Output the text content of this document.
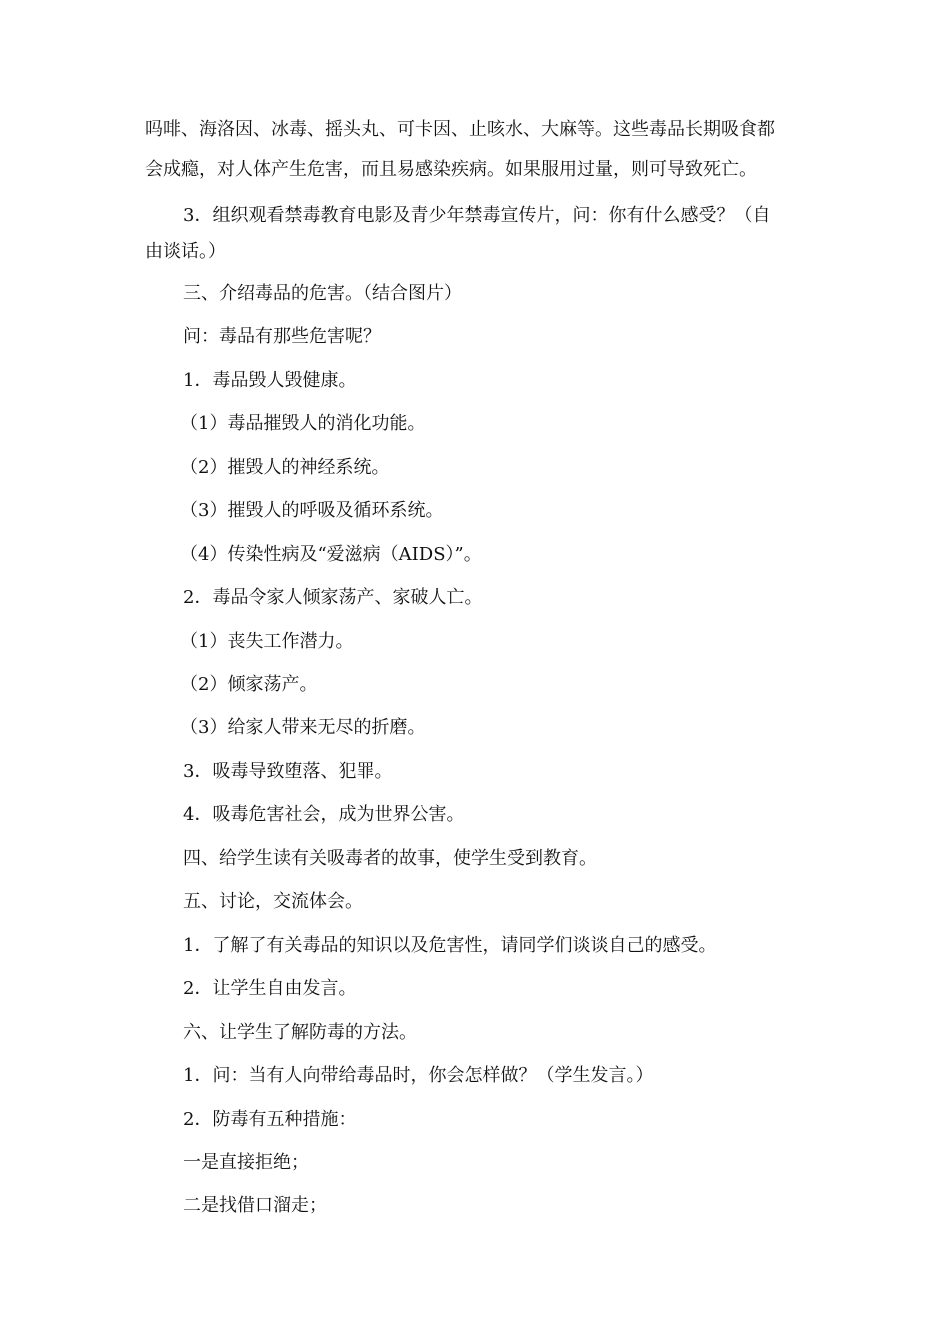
吗啡、海洛因、冰毒、摇头丸、可卡因、止咳水、大麻等。这些毒品长期吸食都
会成瘾，对人体产生危害，而且易感染疾病。如果服用过量，则可导致死亡。
3．组织观看禁毒教育电影及青少年禁毒宣传片，问：你有什么感受？（自
由谈话。）
三、介绍毒品的危害。（结合图片）
问：毒品有那些危害呢？
1．毒品毁人毁健康。
（1）毒品摧毁人的消化功能。
（2）摧毁人的神经系统。
（3）摧毁人的呼吸及循环系统。
（4）传染性病及“爱滋病（AIDS）”。
2．毒品令家人倾家荡产、家破人亡。
（1）丧失工作潜力。
（2）倾家荡产。
（3）给家人带来无尽的折磨。
3．吸毒导致堕落、犯罪。
4．吸毒危害社会，成为世界公害。
四、给学生读有关吸毒者的故事，使学生受到教育。
五、讨论，交流体会。
1．了解了有关毒品的知识以及危害性，请同学们谈谈自己的感受。
2．让学生自由发言。
六、让学生了解防毒的方法。
1．问：当有人向带给毒品时，你会怎样做？（学生发言。）
2．防毒有五种措施：
一是直接拒绝；
二是找借口溜走；
